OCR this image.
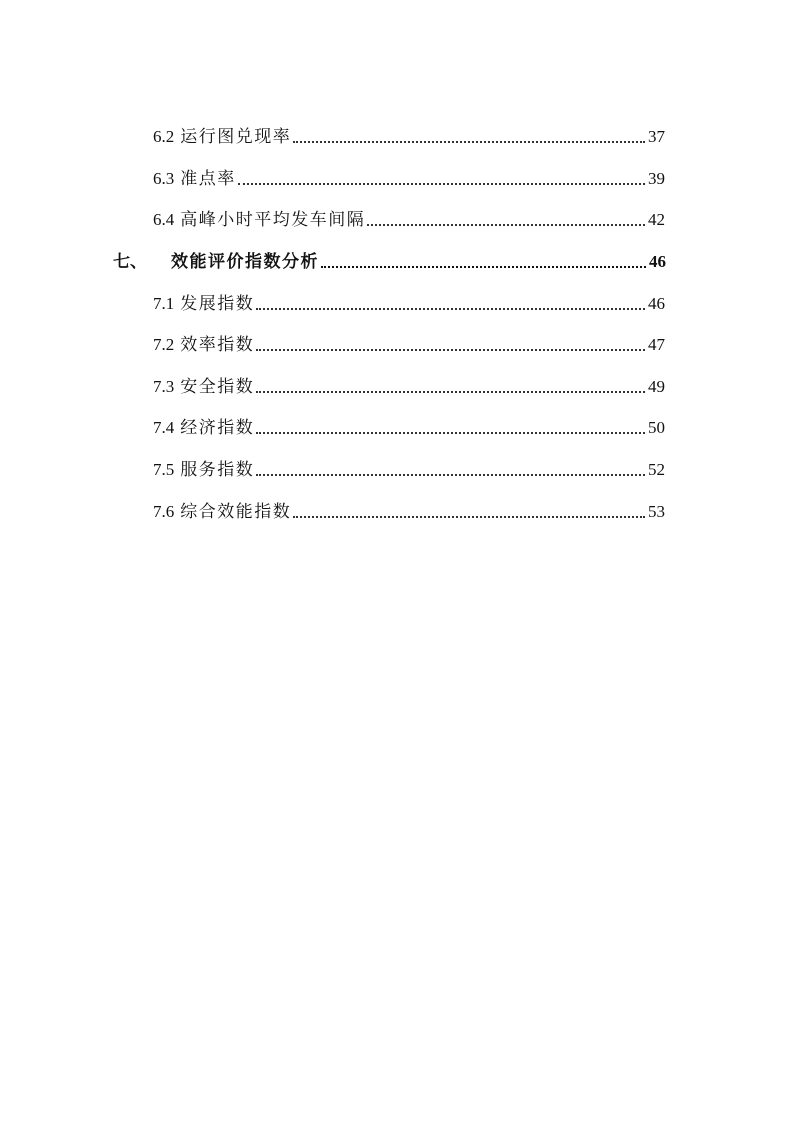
6.2 运行图兑现率	37
6.3 准点率	39
6.4 高峰小时平均发车间隔	42
七、	效能评价指数分析	46
7.1 发展指数	46
7.2 效率指数	47
7.3 安全指数	49
7.4 经济指数	50
7.5 服务指数	52
7.6 综合效能指数	53
